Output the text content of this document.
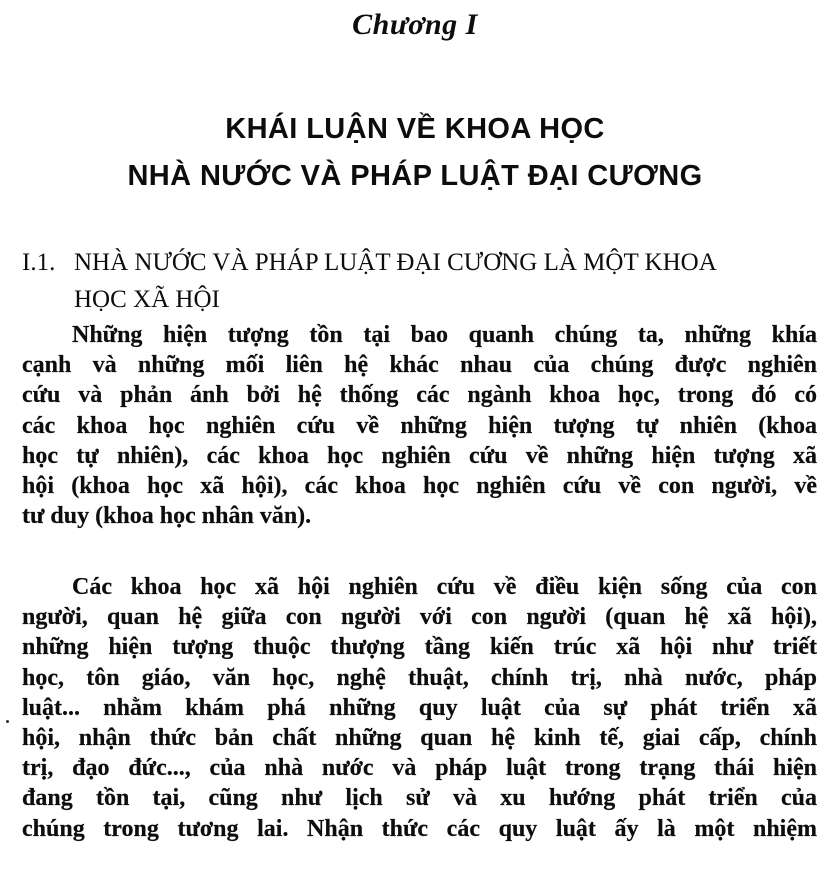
Chương I
KHÁI LUẬN VỀ KHOA HỌC
NHÀ NƯỚC VÀ PHÁP LUẬT ĐẠI CƯƠNG
I.1. NHÀ NƯỚC VÀ PHÁP LUẬT ĐẠI CƯƠNG LÀ MỘT KHOA
HỌC XÃ HỘI
Những hiện tượng tồn tại bao quanh chúng ta, những khía
cạnh và những mối liên hệ khác nhau của chúng được nghiên
cứu và phản ánh bởi hệ thống các ngành khoa học, trong đó có
các khoa học nghiên cứu về những hiện tượng tự nhiên (khoa
học tự nhiên), các khoa học nghiên cứu về những hiện tượng xã
hội (khoa học xã hội), các khoa học nghiên cứu về con người, về
tư duy (khoa học nhân văn).
Các khoa học xã hội nghiên cứu về điều kiện sống của con
người, quan hệ giữa con người với con người (quan hệ xã hội),
những hiện tượng thuộc thượng tầng kiến trúc xã hội như triết
học, tôn giáo, văn học, nghệ thuật, chính trị, nhà nước, pháp
luật... nhằm khám phá những quy luật của sự phát triển xã
hội, nhận thức bản chất những quan hệ kinh tế, giai cấp, chính
trị, đạo đức..., của nhà nước và pháp luật trong trạng thái hiện
đang tồn tại, cũng như lịch sử và xu hướng phát triển của
chúng trong tương lai. Nhận thức các quy luật ấy là một nhiệm
